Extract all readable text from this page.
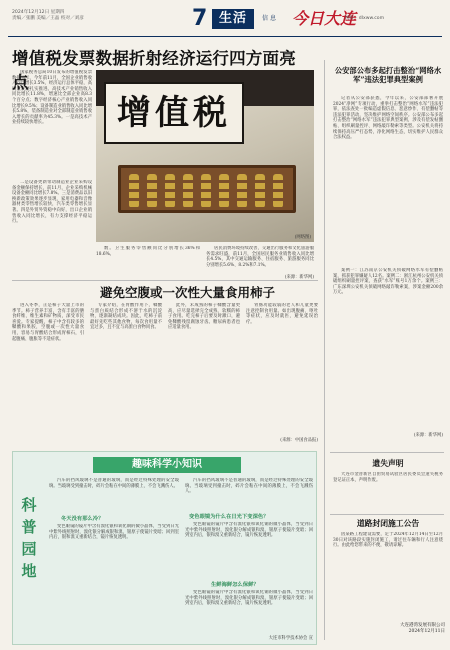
2024年12月12日 星期四
责编／张鹏 美编／王晶 校对／刘彦	7 生活	信息 今日大连
网址：dlxww.com
增值税发票数据折射经济运行四方面亮点
国家税务总局10日发布的增值税发票数据显示，今年前11月，全国企业销售收入同比增长3.5%，经济运行总体平稳，高质量发展扎实推进。高技术产业销售收入同比增长11.8%，增速比全部企业高8.3个百分点；数字经济核心产业销售收入同比增长9.5%；设备制造业销售收入同比增长5.8%，装备制造业对全部制造业销售收入增长的贡献率为45.3%。一是高技术产业持续较快增长。
二是设备更新带动制造业企业采购设备金额保持增长，前11月，企业采购机械设备金额同比增长7.8%。三是消费品以旧换新政策效果逐步显现，家用电器和音像器材类零售增长较快，汽车类零售增长显著。四是外贸外资稳中向好，出口企业销售收入同比增长，有力支撑经济平稳运行。
增值税
(网络图)
数。卫生服务零售额同比分别增长36%和18.6%。
居民消费环境持续改善，交通出行服务和文化旅游服务需求旺盛，前11月，全国居民服务业销售收入同比增长4.5%，其中交通运输服务、住宿服务、旅游服务同比分别增长5.6%、8.2%和7.1%。
(来源：新华网)
避免空腹或一次性大量食用柿子
进入冬季，正是柿子大量上市的季节。柿子营养丰富，含有丰富的膳食纤维、维生素和矿物质，深受市民喜爱。专家提醒，柿子中含有较多的鞣酸和果胶，空腹或一次性大量食用，容易与胃酸结合形成胃柿石，引起腹痛、腹胀等不适症状。
专家介绍，在胃酸作用下，鞣酸与蛋白质结合形成不溶于水的沉淀物，逐渐凝结成块。因此，吃柿子前最好先吃些其他食物，每次食用量不宜过多，且不宜与高蛋白食物同食。
此外，未成熟的柿子鞣酸含量更高，应尽量选择完全成熟、软糯的柿子食用。吃完柿子后要及时漱口，避免鞣酸残留腐蚀牙齿。糖尿病患者也应适量食用。
胃肠功能较弱的老人和儿童更要注意控制食用量。如出现腹痛、呕吐等症状，应及时就医，避免延误治疗。
(来源：中国食品报)
公安部公布多起打击整治“网络水军”违法犯罪典型案例
记者从公安部获悉，今年以来，公安部部署开展2024“净网”专项行动，重拳打击整治“网络水军”违法犯罪，依法查处一批编造虚假信息、恶意炒作、有偿删帖等违法犯罪活动，坚决维护网络空间秩序。公安部公布多起打击整治“网络水军”违法犯罪典型案例，涉及有偿发帖删帖、组织刷量控评、网络敲诈勒索等类型。公安机关将持续保持高压严打态势，净化网络生态，切实维护人民群众合法权益。
案例一：江苏南京公安机关侦破网络水军有偿删帖案，抓获犯罪嫌疑人12名。案例二：浙江杭州公安机关侦破组织刷量控评案，查获“水军”账号1万余个。案例三：广东深圳公安机关侦破网络敲诈勒索案，涉案金额200余万元。
(来源：新华网)
遗失声明
大连市金普新区自由贸易试验区居民委员会遗失税务登记证正本，声明作废。
道路封闭施工公告
因某路工程建设需要，定于2024年12月14日至12月30日对该路段实施封闭施工，请过往车辆和行人注意绕行。由此给您带来的不便，敬请谅解。
大连港湾发展有限公司
2024年12月11日
趣味科学小知识
科普园地
冬天没有那么冷？
汽车的挡风玻璃不是普通的玻璃，而是经过特殊处理的安全玻璃。当玻璃受到撞击时，碎片会粘在中间的薄膜上，不会飞溅伤人。
变色眼镜的镜片中含有溴化银和氧化铜的微小晶体，当受到日光中紫外线照射时，溴化银分解成银和溴，银原子使镜片变暗；回到室内后，银和溴又重新结合，镜片恢复透明。
变色眼镜为什么在日光下变深色？
汽车的挡风玻璃不是普通的玻璃，而是经过特殊处理的安全玻璃。当玻璃受到撞击时，碎片会粘在中间的薄膜上，不会飞溅伤人。
变色眼镜的镜片中含有溴化银和氧化铜的微小晶体，当受到日光中紫外线照射时，溴化银分解成银和溴，银原子使镜片变暗；回到室内后，银和溴又重新结合，镜片恢复透明。
生鲜海鲜怎么保鲜？
变色眼镜的镜片中含有溴化银和氧化铜的微小晶体，当受到日光中紫外线照射时，溴化银分解成银和溴，银原子使镜片变暗；回到室内后，银和溴又重新结合，镜片恢复透明。
大连市科学技术协会 宣
